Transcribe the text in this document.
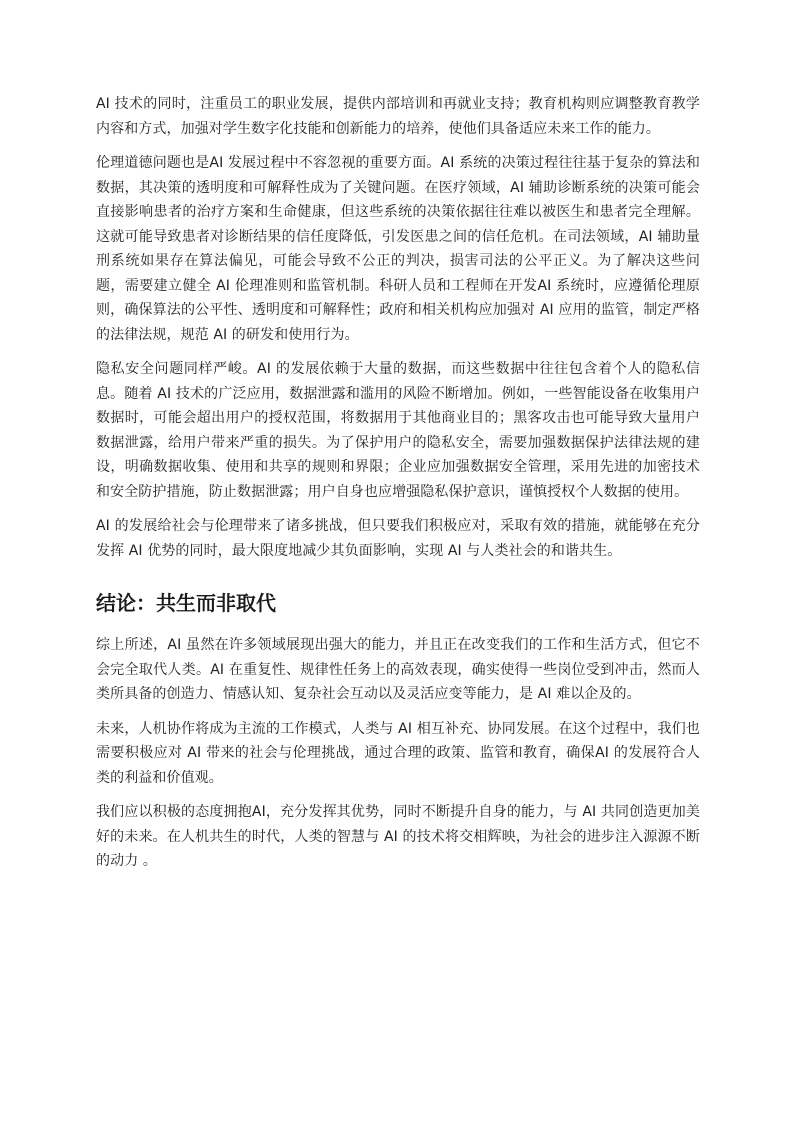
AI 技术的同时，注重员工的职业发展，提供内部培训和再就业支持；教育机构则应调整教育教学内容和方式，加强对学生数字化技能和创新能力的培养，使他们具备适应未来工作的能力。

伦理道德问题也是AI 发展过程中不容忽视的重要方面。AI 系统的决策过程往往基于复杂的算法和数据，其决策的透明度和可解释性成为了关键问题。在医疗领域，AI 辅助诊断系统的决策可能会直接影响患者的治疗方案和生命健康，但这些系统的决策依据往往难以被医生和患者完全理解。这就可能导致患者对诊断结果的信任度降低，引发医患之间的信任危机。在司法领域，AI 辅助量刑系统如果存在算法偏见，可能会导致不公正的判决，损害司法的公平正义。为了解决这些问题，需要建立健全 AI 伦理准则和监管机制。科研人员和工程师在开发AI 系统时，应遵循伦理原则，确保算法的公平性、透明度和可解释性；政府和相关机构应加强对 AI 应用的监管，制定严格的法律法规，规范 AI 的研发和使用行为。

隐私安全问题同样严峻。AI 的发展依赖于大量的数据，而这些数据中往往包含着个人的隐私信息。随着 AI 技术的广泛应用，数据泄露和滥用的风险不断增加。例如，一些智能设备在收集用户数据时，可能会超出用户的授权范围，将数据用于其他商业目的；黑客攻击也可能导致大量用户数据泄露，给用户带来严重的损失。为了保护用户的隐私安全，需要加强数据保护法律法规的建设，明确数据收集、使用和共享的规则和界限；企业应加强数据安全管理，采用先进的加密技术和安全防护措施，防止数据泄露；用户自身也应增强隐私保护意识，谨慎授权个人数据的使用。

AI 的发展给社会与伦理带来了诸多挑战，但只要我们积极应对，采取有效的措施，就能够在充分发挥 AI 优势的同时，最大限度地减少其负面影响，实现 AI 与人类社会的和谐共生。

结论：共生而非取代

综上所述，AI 虽然在许多领域展现出强大的能力，并且正在改变我们的工作和生活方式，但它不会完全取代人类。AI 在重复性、规律性任务上的高效表现，确实使得一些岗位受到冲击，然而人类所具备的创造力、情感认知、复杂社会互动以及灵活应变等能力，是 AI 难以企及的。

未来，人机协作将成为主流的工作模式，人类与 AI 相互补充、协同发展。在这个过程中，我们也需要积极应对 AI 带来的社会与伦理挑战，通过合理的政策、监管和教育，确保AI 的发展符合人类的利益和价值观。

我们应以积极的态度拥抱AI，充分发挥其优势，同时不断提升自身的能力，与 AI 共同创造更加美好的未来。在人机共生的时代，人类的智慧与 AI 的技术将交相辉映，为社会的进步注入源源不断的动力 。
